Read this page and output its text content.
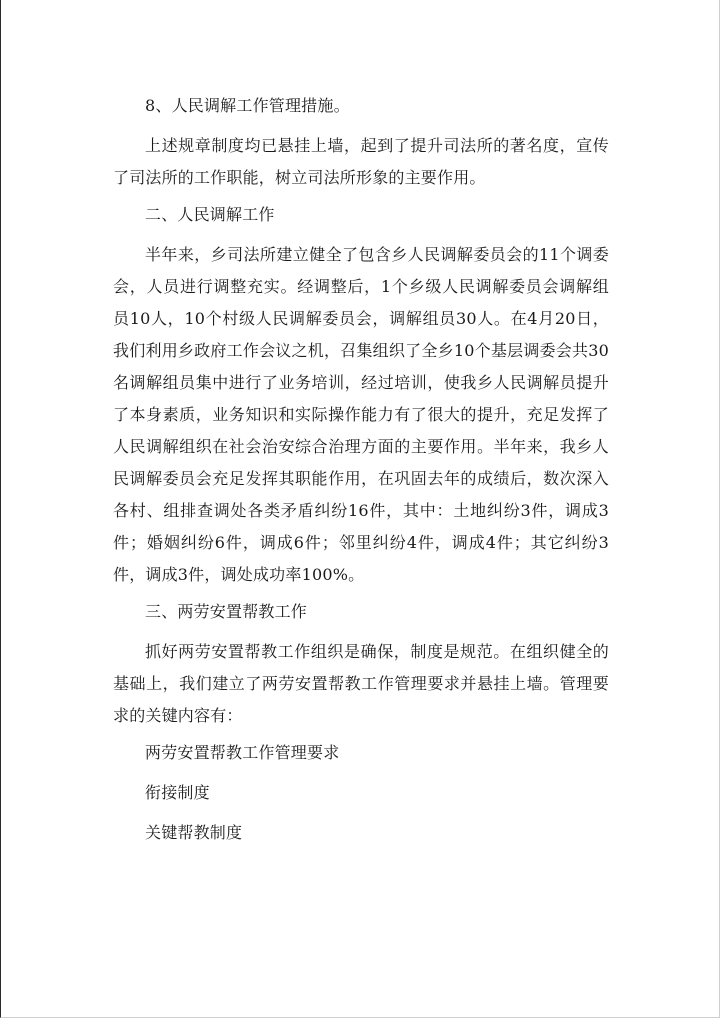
8、人民调解工作管理措施。

上述规章制度均已悬挂上墙，起到了提升司法所的著名度，宣传了司法所的工作职能，树立司法所形象的主要作用。

二、人民调解工作

半年来，乡司法所建立健全了包含乡人民调解委员会的11个调委会，人员进行调整充实。经调整后，1个乡级人民调解委员会调解组员10人，10个村级人民调解委员会，调解组员30人。在4月20日，我们利用乡政府工作会议之机，召集组织了全乡10个基层调委会共30名调解组员集中进行了业务培训，经过培训，使我乡人民调解员提升了本身素质，业务知识和实际操作能力有了很大的提升，充足发挥了人民调解组织在社会治安综合治理方面的主要作用。半年来，我乡人民调解委员会充足发挥其职能作用，在巩固去年的成绩后，数次深入各村、组排查调处各类矛盾纠纷16件，其中：土地纠纷3件，调成3件；婚姻纠纷6件，调成6件；邻里纠纷4件，调成4件；其它纠纷3件，调成3件，调处成功率100%。

三、两劳安置帮教工作

抓好两劳安置帮教工作组织是确保，制度是规范。在组织健全的基础上，我们建立了两劳安置帮教工作管理要求并悬挂上墙。管理要求的关键内容有：

两劳安置帮教工作管理要求

衔接制度

关键帮教制度
